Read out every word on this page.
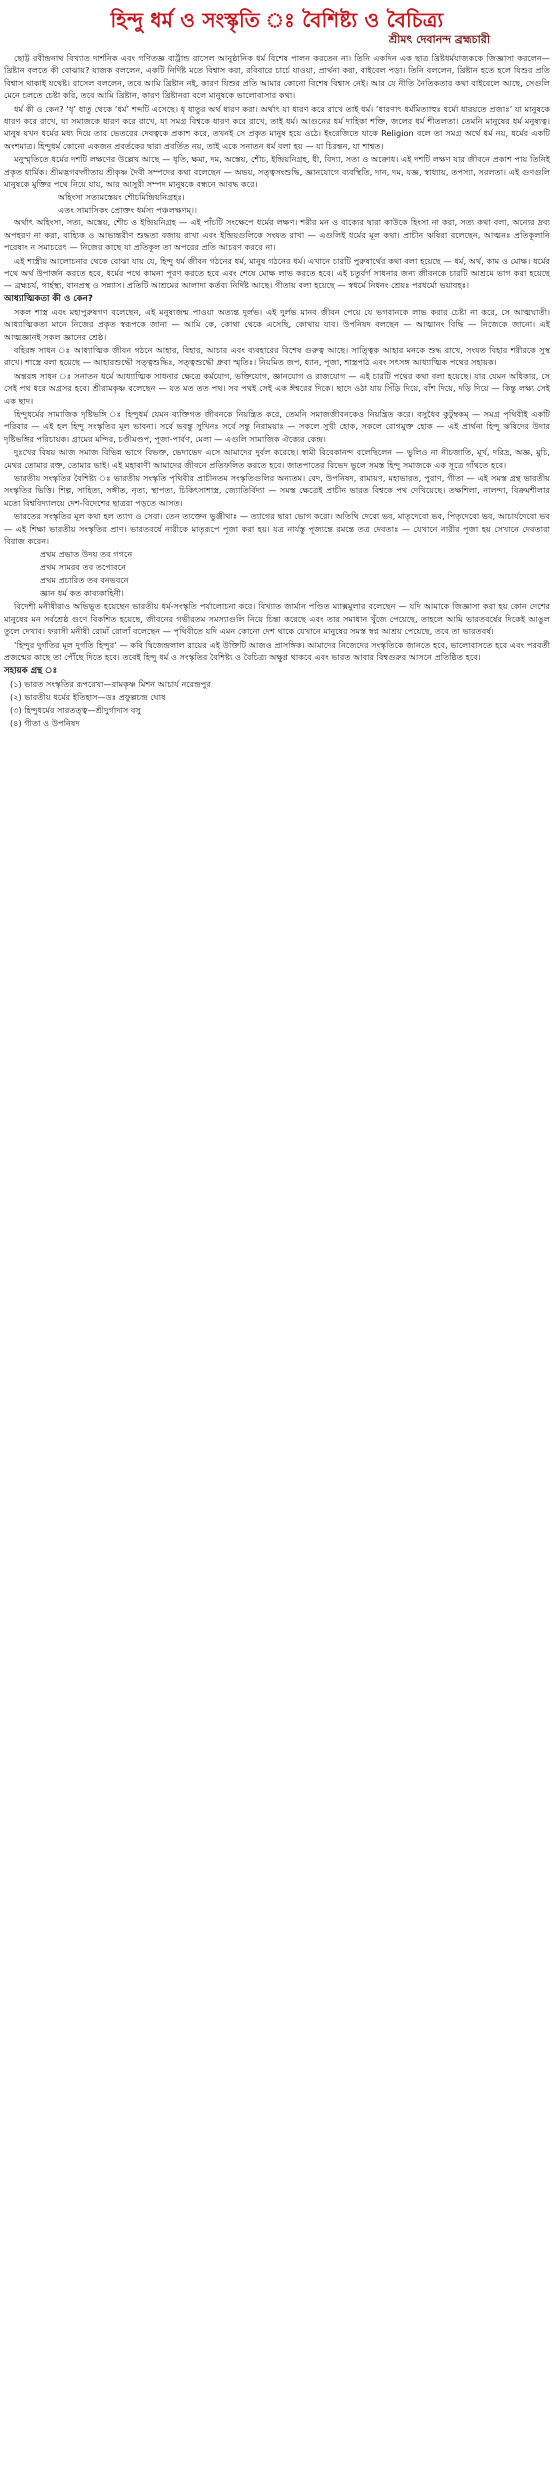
হিন্দু ধর্ম ও সংস্কৃতি ঃ বৈশিষ্ট্য ও বৈচিত্র্য
শ্রীমৎ দেবানন্দ ব্রহ্মচারী

ছোট্ট রবীন্দ্রনাথ বিখ্যাত দার্শনিক এবং গণিতজ্ঞ বার্ট্রান্ড রাসেল আনুষ্ঠানিক ধর্ম বিশেষ পালন করতেন না। তিনি একদিন এক ছাত্র খ্রিষ্টধর্মযাজককে জিজ্ঞাসা করলেন—খ্রিষ্টান বলতে কী বোঝায়? যাজক বললেন, একটি নির্দিষ্ট মতে বিশ্বাস করা, রবিবারে চার্চে যাওয়া, প্রার্থনা করা, বাইবেল পড়া। তিনি বললেন, খ্রিষ্টান হতে হলে যিশুর প্রতি বিশ্বাস থাকাই যথেষ্ট। রাসেল বললেন, তবে আমি খ্রিষ্টান নই, কারণ যিশুর প্রতি আমার কোনো বিশেষ বিশ্বাস নেই। আর যে নীতি নৈতিকতার কথা বাইবেলে আছে, সেগুলি মেনে চলতে চেষ্টা করি, তবে আমি খ্রিষ্টান, কারণ খ্রিষ্টানরা বলে মানুষকে ভালোবাসার কথা।

ধর্ম কী ও কেন? ‘ধৃ’ ধাতু থেকে ‘ধর্ম’ শব্দটি এসেছে। ধৃ ধাতুর অর্থ ধারণ করা। অর্থাৎ যা ধারণ করে রাখে তাই ধর্ম। ‘ধারণাৎ ধর্মমিত্যাহুঃ ধর্মো ধারয়তে প্রজাঃ’ যা মানুষকে ধারণ করে রাখে, যা সমাজকে ধারণ করে রাখে, যা সমগ্র বিশ্বকে ধারণ করে রাখে, তাই ধর্ম। আগুনের ধর্ম দাহিকা শক্তি, জলের ধর্ম শীতলতা। তেমনি মানুষের ধর্ম মনুষ্যত্ব। মানুষ যখন ধর্মের মধ্য দিয়ে তার ভেতরের দেবত্বকে প্রকাশ করে, তখনই সে প্রকৃত মানুষ হয়ে ওঠে। ইংরেজিতে যাকে Religion বলে তা সমগ্র অর্থে ধর্ম নয়, ধর্মের একটি অংশমাত্র। হিন্দুধর্ম কোনো একজন প্রবর্তকের দ্বারা প্রবর্তিত নয়, তাই একে সনাতন ধর্ম বলা হয় — যা চিরন্তন, যা শাশ্বত।

মনুস্মৃতিতে ধর্মের দশটি লক্ষণের উল্লেখ আছে — ধৃতি, ক্ষমা, দম, অস্তেয়, শৌচ, ইন্দ্রিয়নিগ্রহ, ধী, বিদ্যা, সত্য ও অক্রোধ। এই দশটি লক্ষণ যার জীবনে প্রকাশ পায় তিনিই প্রকৃত ধার্মিক। শ্রীমদ্ভগবদ্গীতায় শ্রীকৃষ্ণ দৈবী সম্পদের কথা বলেছেন — অভয়, সত্ত্বসংশুদ্ধি, জ্ঞানযোগে ব্যবস্থিতি, দান, দম, যজ্ঞ, স্বাধ্যায়, তপস্যা, সরলতা। এই গুণগুলি মানুষকে মুক্তির পথে নিয়ে যায়, আর আসুরী সম্পদ মানুষকে বন্ধনে আবদ্ধ করে।

অহিংসা সত্যমস্তেয়ং শৌচমিন্দ্রিয়নিগ্রহঃ।
এতং সামাসিকং প্রোক্তং ধর্মস্য পঞ্চলক্ষণম্।।

অর্থাৎ অহিংসা, সত্য, অস্তেয়, শৌচ ও ইন্দ্রিয়নিগ্রহ — এই পাঁচটি সংক্ষেপে ধর্মের লক্ষণ। শরীর মন ও বাক্যের দ্বারা কাউকে হিংসা না করা, সত্য কথা বলা, অন্যের দ্রব্য অপহরণ না করা, বাহ্যিক ও আভ্যন্তরীণ শুদ্ধতা বজায় রাখা এবং ইন্দ্রিয়গুলিকে সংযত রাখা — এগুলিই ধর্মের মূল কথা। প্রাচীন ঋষিরা বলেছেন, আত্মনঃ প্রতিকূলানি পরেষাং ন সমাচরেৎ — নিজের কাছে যা প্রতিকূল তা অপরের প্রতি আচরণ করবে না।

এই শাস্ত্রীয় আলোচনার থেকে বোঝা যায় যে, হিন্দু ধর্ম জীবন গঠনের ধর্ম, মানুষ গঠনের ধর্ম। এখানে চারটি পুরুষার্থের কথা বলা হয়েছে — ধর্ম, অর্থ, কাম ও মোক্ষ। ধর্মের পথে অর্থ উপার্জন করতে হবে, ধর্মের পথে কামনা পূরণ করতে হবে এবং শেষে মোক্ষ লাভ করতে হবে। এই চতুর্বর্গ সাধনার জন্য জীবনকে চারটি আশ্রমে ভাগ করা হয়েছে — ব্রহ্মচর্য, গার্হস্থ্য, বানপ্রস্থ ও সন্ন্যাস। প্রতিটি আশ্রমের আলাদা কর্তব্য নির্দিষ্ট আছে। গীতায় বলা হয়েছে — স্বধর্মে নিধনং শ্রেয়ঃ পরধর্মো ভয়াবহঃ।

আধ্যাত্মিকতা কী ও কেন?

সকল শাস্ত্র এবং মহাপুরুষগণ বলেছেন, এই মনুষ্যজন্ম পাওয়া অত্যন্ত দুর্লভ। এই দুর্লভ মানব জীবন পেয়ে যে ভগবানকে লাভ করার চেষ্টা না করে, সে আত্মঘাতী। আধ্যাত্মিকতা মানে নিজের প্রকৃত স্বরূপকে জানা — আমি কে, কোথা থেকে এসেছি, কোথায় যাব। উপনিষদ বলছেন — আত্মানং বিদ্ধি — নিজেকে জানো। এই আত্মজ্ঞানই সকল জ্ঞানের শ্রেষ্ঠ।

বহিরঙ্গ সাধন ঃ আধ্যাত্মিক জীবন গঠনে আহার, বিহার, আচার এবং ব্যবহারের বিশেষ গুরুত্ব আছে। সাত্ত্বিক আহার মনকে শুদ্ধ রাখে, সংযত বিহার শরীরকে সুস্থ রাখে। শাস্ত্রে বলা হয়েছে — আহারশুদ্ধৌ সত্ত্বশুদ্ধিঃ, সত্ত্বশুদ্ধৌ ধ্রুবা স্মৃতিঃ। নিয়মিত জপ, ধ্যান, পূজা, শাস্ত্রপাঠ এবং সৎসঙ্গ আধ্যাত্মিক পথের সহায়ক।

অন্তরঙ্গ সাধন ঃ সনাতন ধর্মে আধ্যাত্মিক সাধনার ক্ষেত্রে কর্মযোগ, ভক্তিযোগ, জ্ঞানযোগ ও রাজযোগ — এই চারটি পথের কথা বলা হয়েছে। যার যেমন অধিকার, সে সেই পথ ধরে অগ্রসর হবে। শ্রীরামকৃষ্ণ বলেছেন — যত মত তত পথ। সব পথই সেই এক ঈশ্বরের দিকে। ছাদে ওঠা যায় সিঁড়ি দিয়ে, বাঁশ দিয়ে, দড়ি দিয়ে — কিন্তু লক্ষ্য সেই এক ছাদ।

হিন্দুধর্মের সামাজিক দৃষ্টিভঙ্গি ঃ হিন্দুধর্ম যেমন ব্যক্তিগত জীবনকে নিয়ন্ত্রিত করে, তেমনি সমাজজীবনকেও নিয়ন্ত্রিত করে। বসুধৈব কুটুম্বকম্ — সমগ্র পৃথিবীই একটি পরিবার — এই হল হিন্দু সংস্কৃতির মূল ভাবনা। সর্বে ভবন্তু সুখিনঃ সর্বে সন্তু নিরাময়াঃ — সকলে সুখী হোক, সকলে রোগমুক্ত হোক — এই প্রার্থনা হিন্দু ঋষিদের উদার দৃষ্টিভঙ্গির পরিচায়ক। গ্রামের মন্দির, চণ্ডীমণ্ডপ, পূজা-পার্বণ, মেলা — এগুলি সামাজিক ঐক্যের কেন্দ্র।

দুঃখের বিষয় আজ সমাজ বিভিন্ন ভাগে বিভক্ত, ভেদাভেদ এসে আমাদের দুর্বল করেছে। স্বামী বিবেকানন্দ বলেছিলেন — ভুলিও না নীচজাতি, মূর্খ, দরিদ্র, অজ্ঞ, মুচি, মেথর তোমার রক্ত, তোমার ভাই। এই মহাবাণী আমাদের জীবনে প্রতিফলিত করতে হবে। জাতপাতের বিভেদ ভুলে সমস্ত হিন্দু সমাজকে এক সূত্রে গাঁথতে হবে।

ভারতীয় সংস্কৃতির বৈশিষ্ট্য ঃ ভারতীয় সংস্কৃতি পৃথিবীর প্রাচীনতম সংস্কৃতিগুলির অন্যতম। বেদ, উপনিষদ, রামায়ণ, মহাভারত, পুরাণ, গীতা — এই সমস্ত গ্রন্থ ভারতীয় সংস্কৃতির ভিত্তি। শিল্প, সাহিত্য, সঙ্গীত, নৃত্য, স্থাপত্য, চিকিৎসাশাস্ত্র, জ্যোতির্বিদ্যা — সমস্ত ক্ষেত্রেই প্রাচীন ভারত বিশ্বকে পথ দেখিয়েছে। তক্ষশিলা, নালন্দা, বিক্রমশীলার মতো বিশ্ববিদ্যালয়ে দেশ-বিদেশের ছাত্ররা পড়তে আসত।

ভারতের সংস্কৃতির মূল কথা হল ত্যাগ ও সেবা। তেন ত্যক্তেন ভুঞ্জীথাঃ — ত্যাগের দ্বারা ভোগ করো। অতিথি দেবো ভব, মাতৃদেবো ভব, পিতৃদেবো ভব, আচার্যদেবো ভব — এই শিক্ষা ভারতীয় সংস্কৃতির প্রাণ। ভারতবর্ষে নারীকে মাতৃরূপে পূজা করা হয়। যত্র নার্যস্তু পূজ্যন্তে রমন্তে তত্র দেবতাঃ — যেখানে নারীর পূজা হয় সেখানে দেবতারা বিরাজ করেন।

প্রথম প্রভাত উদয় তব গগনে
প্রথম সামরব তব তপোবনে
প্রথম প্রচারিত তব বনভবনে
জ্ঞান ধর্ম কত কাব্যকাহিনী।

বিদেশী মনীষীরাও অভিভূত হয়েছেন ভারতীয় ধর্ম-সংস্কৃতি পর্যালোচনা করে। বিখ্যাত জার্মান পণ্ডিত ম্যাক্সমুলার বলেছেন — যদি আমাকে জিজ্ঞাসা করা হয় কোন দেশের মানুষের মন সর্বশ্রেষ্ঠ গুণে বিকশিত হয়েছে, জীবনের গভীরতম সমস্যাগুলি নিয়ে চিন্তা করেছে এবং তার সমাধান খুঁজে পেয়েছে, তাহলে আমি ভারতবর্ষের দিকেই আঙুল তুলে দেখাব। ফরাসী মনীষী রোমাঁ রোলাঁ বলেছেন — পৃথিবীতে যদি এমন কোনো দেশ থাকে যেখানে মানুষের সমস্ত স্বপ্ন আশ্রয় পেয়েছে, তবে তা ভারতবর্ষ।

‘হিন্দুর দুর্গতির মূল দুর্গতি হিন্দুর’ — কবি দ্বিজেন্দ্রলাল রায়ের এই উক্তিটি আজও প্রাসঙ্গিক। আমাদের নিজেদের সংস্কৃতিকে জানতে হবে, ভালোবাসতে হবে এবং পরবর্তী প্রজন্মের কাছে তা পৌঁছে দিতে হবে। তবেই হিন্দু ধর্ম ও সংস্কৃতির বৈশিষ্ট্য ও বৈচিত্র্য অক্ষুণ্ণ থাকবে এবং ভারত আবার বিশ্বগুরুর আসনে প্রতিষ্ঠিত হবে।

সহায়ক গ্রন্থ ঃ
(১) ভারত সংস্কৃতির রূপরেখা—রামকৃষ্ণ মিশন আচার্য নরেন্দ্রপুর
(২) ভারতীয় ধর্মের ইতিহাস—ডঃ প্রফুল্লচন্দ্র ঘোষ
(৩) হিন্দুধর্মের সারতত্ত্ব—শ্রীদুর্গাদাস বসু
(৪) গীতা ও উপনিষদ
